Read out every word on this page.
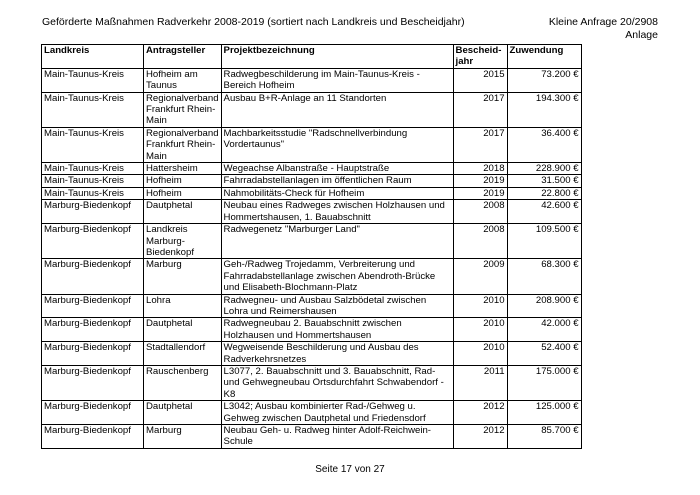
Geförderte Maßnahmen Radverkehr 2008-2019 (sortiert nach Landkreis und Bescheidjahr)	Kleine Anfrage 20/2908
Anlage
Landkreis	Antragsteller	Projektbezeichnung	Bescheid-jahr	Zuwendung
Main-Taunus-Kreis	Hofheim am Taunus	Radwegbeschilderung im Main-Taunus-Kreis - Bereich Hofheim	2015	73.200 €
Main-Taunus-Kreis	Regionalverband Frankfurt Rhein-Main	Ausbau B+R-Anlage an 11 Standorten	2017	194.300 €
Main-Taunus-Kreis	Regionalverband Frankfurt Rhein-Main	Machbarkeitsstudie "Radschnellverbindung Vordertaunus"	2017	36.400 €
Main-Taunus-Kreis	Hattersheim	Wegeachse Albanstraße - Hauptstraße	2018	228.900 €
Main-Taunus-Kreis	Hofheim	Fahrradabstellanlagen im öffentlichen Raum	2019	31.500 €
Main-Taunus-Kreis	Hofheim	Nahmobilitäts-Check für Hofheim	2019	22.800 €
Marburg-Biedenkopf	Dautphetal	Neubau eines Radweges zwischen Holzhausen und Hommertshausen, 1. Bauabschnitt	2008	42.600 €
Marburg-Biedenkopf	Landkreis Marburg-Biedenkopf	Radwegenetz "Marburger Land"	2008	109.500 €
Marburg-Biedenkopf	Marburg	Geh-/Radweg Trojedamm, Verbreiterung und Fahrradabstellanlage zwischen Abendroth-Brücke und Elisabeth-Blochmann-Platz	2009	68.300 €
Marburg-Biedenkopf	Lohra	Radwegneu- und Ausbau Salzbödetal zwischen Lohra und Reimershausen	2010	208.900 €
Marburg-Biedenkopf	Dautphetal	Radwegneubau 2. Bauabschnitt zwischen Holzhausen und Hommertshausen	2010	42.000 €
Marburg-Biedenkopf	Stadtallendorf	Wegweisende Beschilderung und Ausbau des Radverkehrsnetzes	2010	52.400 €
Marburg-Biedenkopf	Rauschenberg	L3077, 2. Bauabschnitt und 3. Bauabschnitt, Rad- und Gehwegneubau Ortsdurchfahrt Schwabendorf - K8	2011	175.000 €
Marburg-Biedenkopf	Dautphetal	L3042; Ausbau kombinierter Rad-/Gehweg u. Gehweg zwischen Dautphetal und Friedensdorf	2012	125.000 €
Marburg-Biedenkopf	Marburg	Neubau Geh- u. Radweg hinter Adolf-Reichwein-Schule	2012	85.700 €
Seite 17 von 27
